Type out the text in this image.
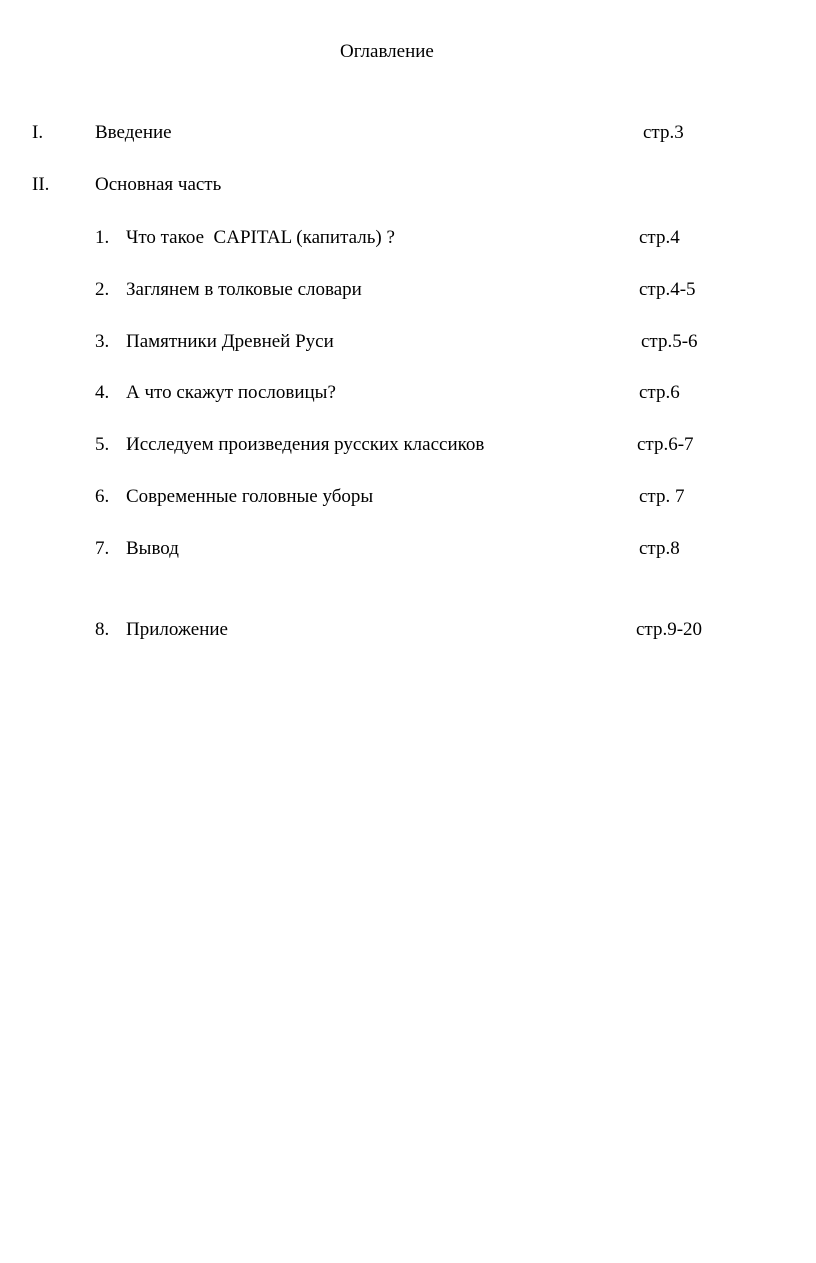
Оглавление
I.	Введение	стр.3
II. Основная часть
1. Что такое  CAPITAL (капиталь) ?	стр.4
2. Заглянем в толковые словари	стр.4-5
3. Памятники Древней Руси	стр.5-6
4. А что скажут пословицы?	стр.6
5. Исследуем произведения русских классиков	стр.6-7
6. Современные головные уборы	стр. 7
7. Вывод	стр.8
8. Приложение	стр.9-20
